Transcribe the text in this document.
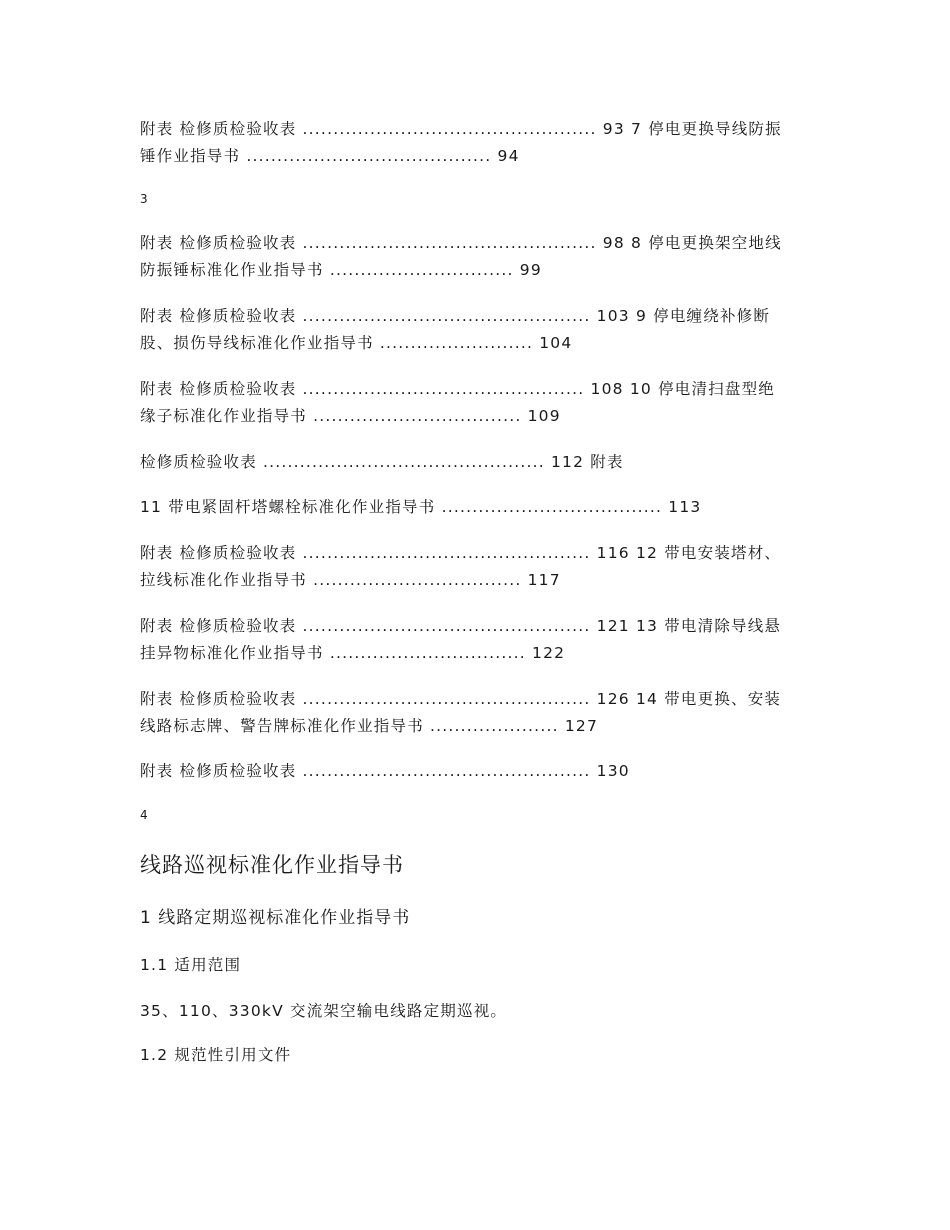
附表 检修质检验收表 ................................................ 93 7 停电更换导线防振
锤作业指导书 ........................................ 94
3
附表 检修质检验收表 ................................................ 98 8 停电更换架空地线
防振锤标准化作业指导书 .............................. 99
附表 检修质检验收表 ............................................... 103 9 停电缠绕补修断
股、损伤导线标准化作业指导书 ......................... 104
附表 检修质检验收表 .............................................. 108 10 停电清扫盘型绝
缘子标准化作业指导书 .................................. 109
检修质检验收表 .............................................. 112 附表
11 带电紧固杆塔螺栓标准化作业指导书 .................................... 113
附表 检修质检验收表 ............................................... 116 12 带电安装塔材、
拉线标准化作业指导书 .................................. 117
附表 检修质检验收表 ............................................... 121 13 带电清除导线悬
挂异物标准化作业指导书 ................................ 122
附表 检修质检验收表 ............................................... 126 14 带电更换、安装
线路标志牌、警告牌标准化作业指导书 ..................... 127
附表 检修质检验收表 ............................................... 130
4
线路巡视标准化作业指导书
1 线路定期巡视标准化作业指导书
1.1 适用范围
35、110、330kV 交流架空输电线路定期巡视。
1.2 规范性引用文件
